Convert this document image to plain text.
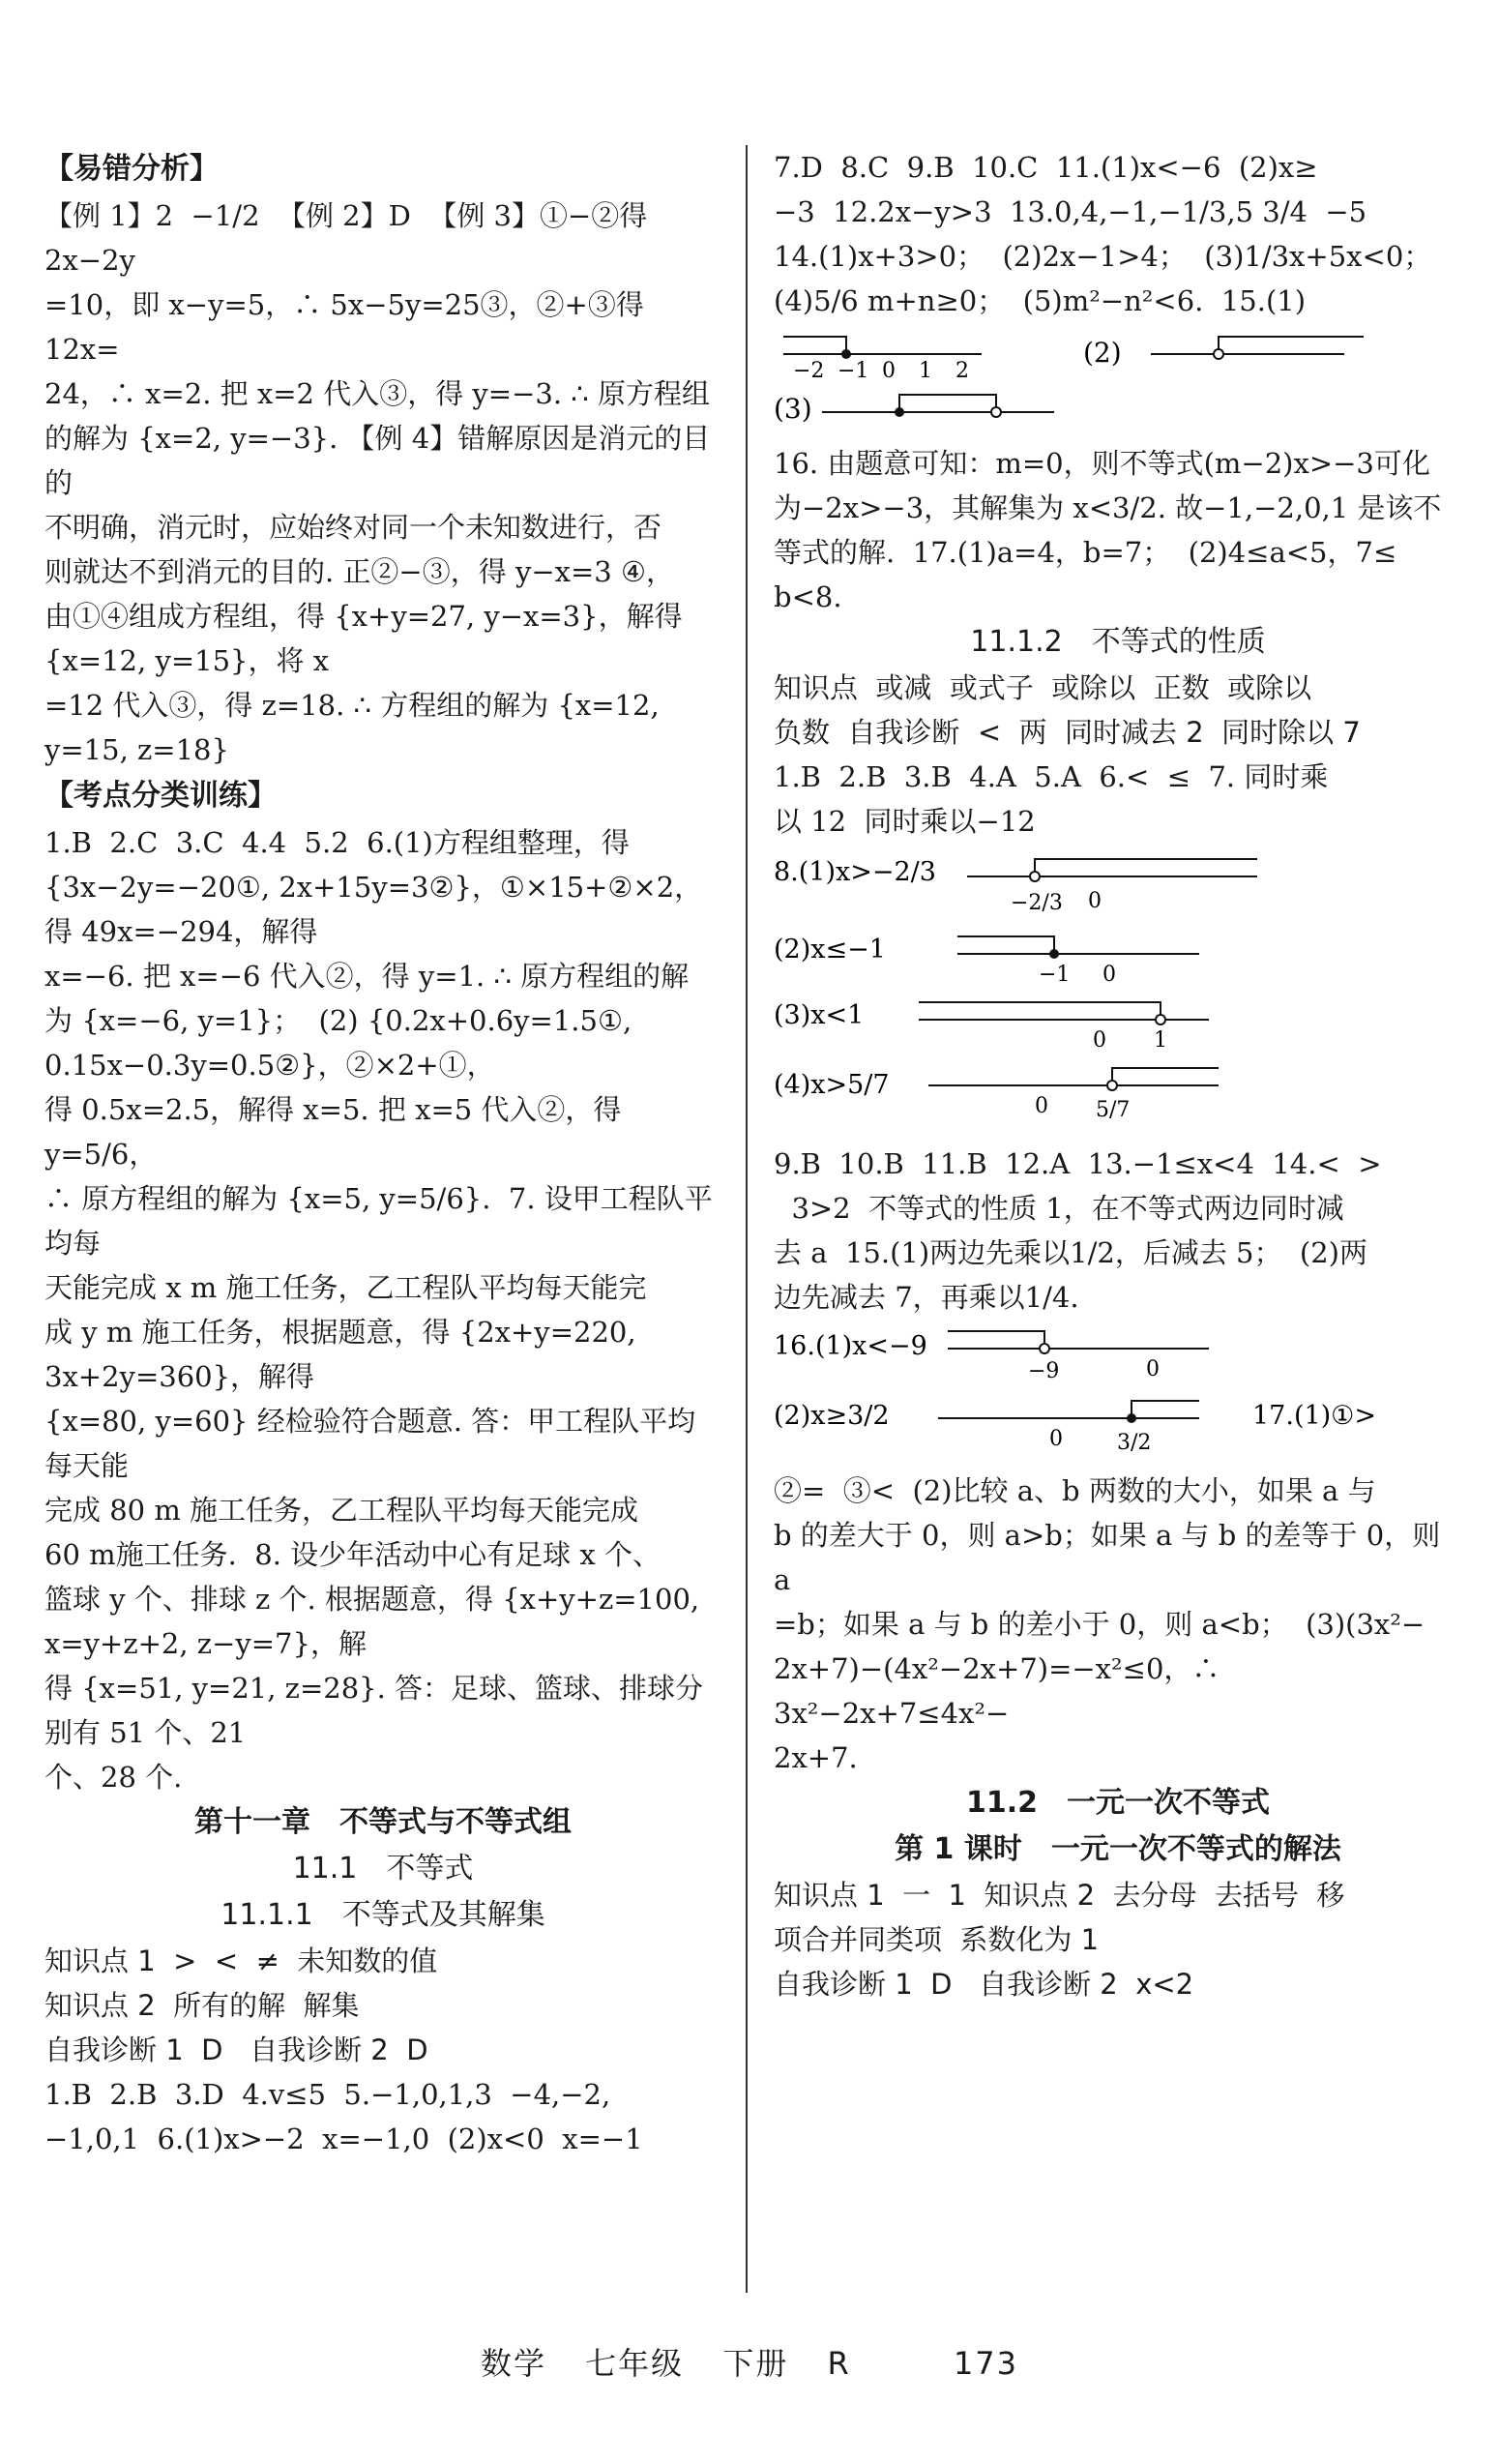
【易错分析】

【例 1】2  −1/2  【例 2】D  【例 3】①−②得 2x−2y

=10，即 x−y=5，∴ 5x−5y=25③，②+③得 12x=

24，∴ x=2. 把 x=2 代入③，得 y=−3. ∴ 原方程组

的解为 {x=2, y=−3}. 【例 4】错解原因是消元的目的

不明确，消元时，应始终对同一个未知数进行，否

则就达不到消元的目的. 正②−③，得 y−x=3 ④，

由①④组成方程组，得 {x+y=27, y−x=3}，解得 {x=12, y=15}，将 x

=12 代入③，得 z=18. ∴ 方程组的解为 {x=12, y=15, z=18}

【考点分类训练】

1.B  2.C  3.C  4.4  5.2  6.(1)方程组整理，得

{3x−2y=−20①, 2x+15y=3②}，①×15+②×2，得 49x=−294，解得

x=−6. 把 x=−6 代入②，得 y=1. ∴ 原方程组的解

为 {x=−6, y=1}；  (2) {0.2x+0.6y=1.5①, 0.15x−0.3y=0.5②}，②×2+①，

得 0.5x=2.5，解得 x=5. 把 x=5 代入②，得 y=5/6，

∴ 原方程组的解为 {x=5, y=5/6}.  7. 设甲工程队平均每

天能完成 x m 施工任务，乙工程队平均每天能完

成 y m 施工任务，根据题意，得 {2x+y=220, 3x+2y=360}，解得

{x=80, y=60} 经检验符合题意. 答：甲工程队平均每天能

完成 80 m 施工任务，乙工程队平均每天能完成

60 m施工任务.  8. 设少年活动中心有足球 x 个、

篮球 y 个、排球 z 个. 根据题意，得 {x+y+z=100, x=y+z+2, z−y=7}，解

得 {x=51, y=21, z=28}. 答：足球、篮球、排球分别有 51 个、21

个、28 个.

第十一章　不等式与不等式组

11.1　不等式

11.1.1　不等式及其解集

知识点 1  >  <  ≠  未知数的值

知识点 2  所有的解  解集

自我诊断 1  D   自我诊断 2  D

1.B  2.B  3.D  4.v≤5  5.−1,0,1,3  −4,−2,

−1,0,1  6.(1)x>−2  x=−1,0  (2)x<0  x=−1

7.D  8.C  9.B  10.C  11.(1)x<−6  (2)x≥

−3  12.2x−y>3  13.0,4,−1,−1/3,5 3/4  −5

14.(1)x+3>0；  (2)2x−1>4；  (3)1/3x+5x<0；

(4)5/6 m+n≥0；  (5)m²−n²<6.  15.(1)

−2 −1 0 1 2
(2)
(3)

16. 由题意可知：m=0，则不等式(m−2)x>−3可化

为−2x>−3，其解集为 x<3/2. 故−1,−2,0,1 是该不

等式的解.  17.(1)a=4，b=7；  (2)4≤a<5，7≤

b<8.

11.1.2　不等式的性质

知识点  或减  或式子  或除以  正数  或除以

负数  自我诊断  <  两  同时减去 2  同时除以 7

1.B  2.B  3.B  4.A  5.A  6.<  ≤  7. 同时乘

以 12  同时乘以−12

8.(1)x>−2/3
−2/3 0
(2)x≤−1
−1 0
(3)x<1
0 1
(4)x>5/7
0 5/7

9.B  10.B  11.B  12.A  13.−1≤x<4  14.<  >

3>2  不等式的性质 1，在不等式两边同时减

去 a  15.(1)两边先乘以1/2，后减去 5；  (2)两

边先减去 7，再乘以1/4.

16.(1)x<−9
−9	0
(2)x≥3/2
0	3/2
17.(1)①>

②=  ③<  (2)比较 a、b 两数的大小，如果 a 与

b 的差大于 0，则 a>b；如果 a 与 b 的差等于 0，则 a

=b；如果 a 与 b 的差小于 0，则 a<b；  (3)(3x²−

2x+7)−(4x²−2x+7)=−x²≤0，∴ 3x²−2x+7≤4x²−

2x+7.

11.2　一元一次不等式

第 1 课时　一元一次不等式的解法

知识点 1  一  1  知识点 2  去分母  去括号  移

项合并同类项  系数化为 1

自我诊断 1  D   自我诊断 2  x<2

数学 七年级 下册 R	173
